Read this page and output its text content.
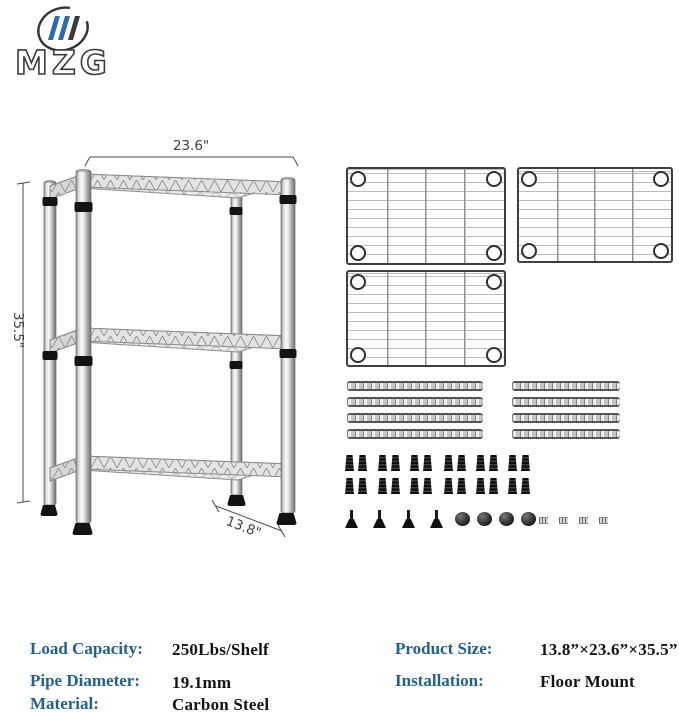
MZG
23.6"
35.5"
13.8"
Load Capacity: 250Lbs/Shelf
Pipe Diameter: 19.1mm
Material:	Carbon Steel
Product Size:	13.8”×23.6”×35.5”
Installation:	Floor Mount
